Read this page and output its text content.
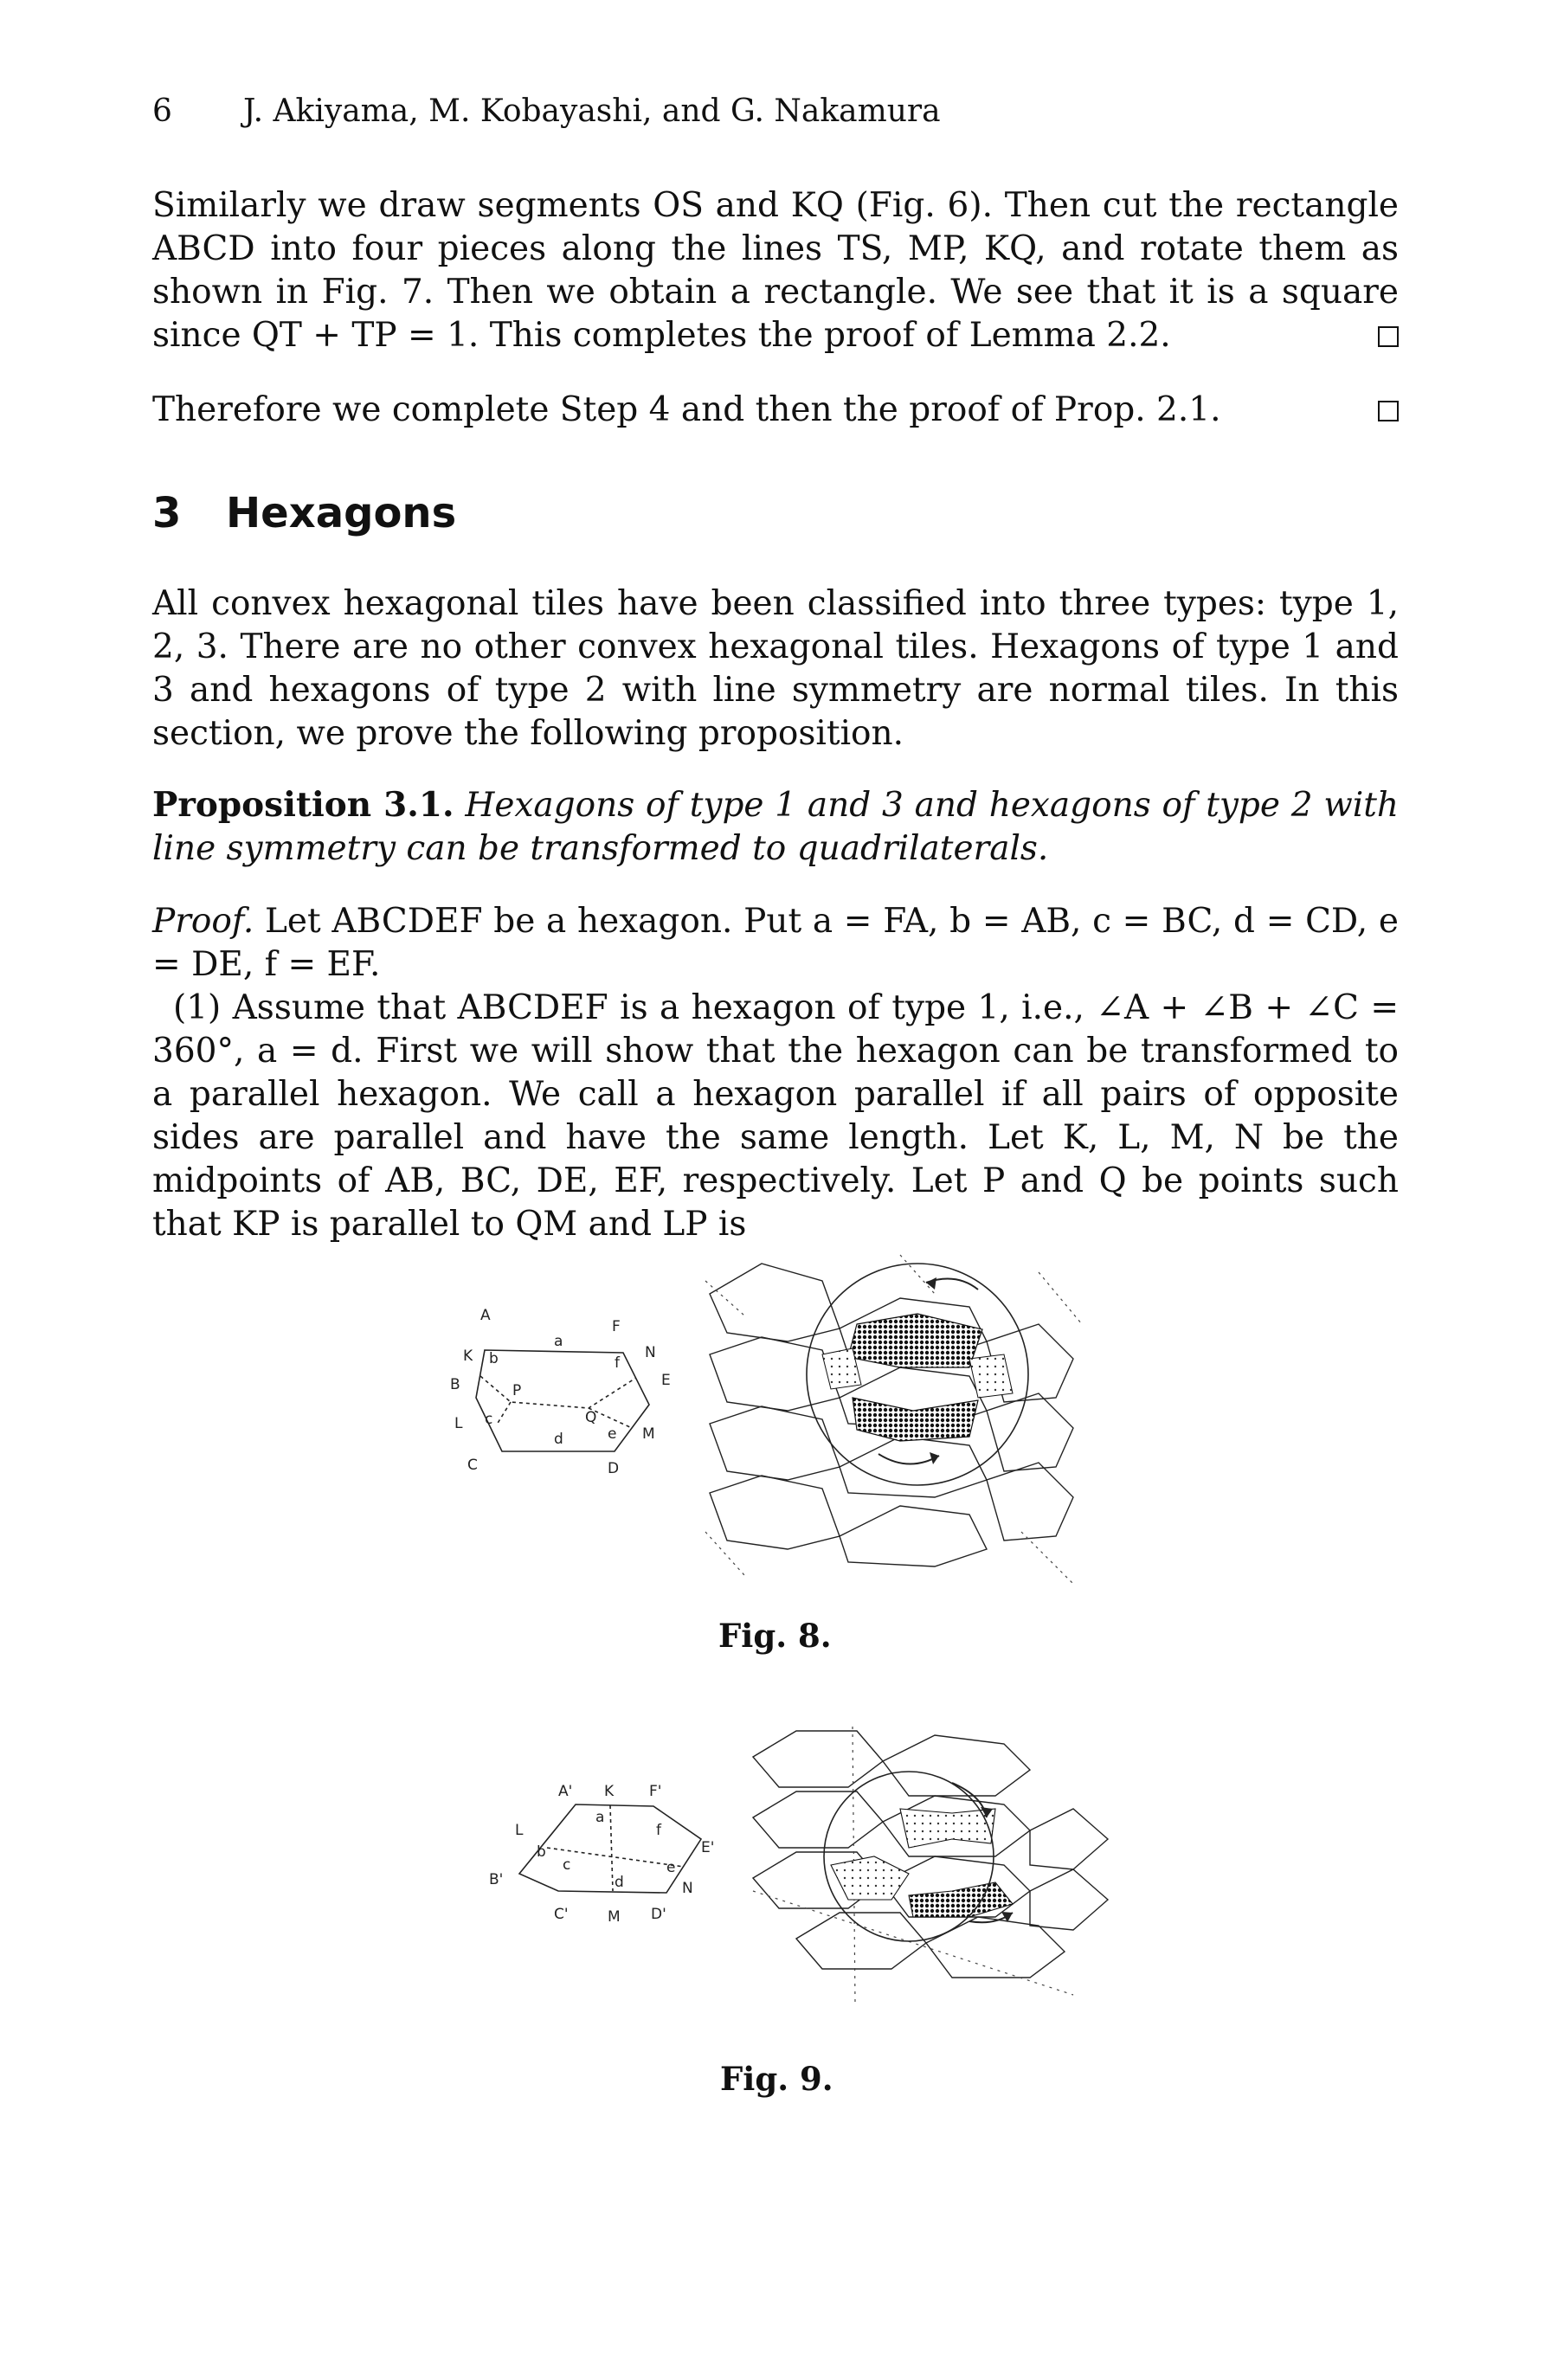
6 J. Akiyama, M. Kobayashi, and G. Nakamura

Similarly we draw segments OS and KQ (Fig. 6). Then cut the rectangle ABCD into four pieces along the lines TS, MP, KQ, and rotate them as shown in Fig. 7. Then we obtain a rectangle. We see that it is a square since QT + TP = 1. This completes the proof of Lemma 2.2.

Therefore we complete Step 4 and then the proof of Prop. 2.1.

3 Hexagons

All convex hexagonal tiles have been classified into three types: type 1, 2, 3. There are no other convex hexagonal tiles. Hexagons of type 1 and 3 and hexagons of type 2 with line symmetry are normal tiles. In this section, we prove the following proposition.

Proposition 3.1. Hexagons of type 1 and 3 and hexagons of type 2 with line symmetry can be transformed to quadrilaterals.

Proof. Let ABCDEF be a hexagon. Put a = FA, b = AB, c = BC, d = CD, e = DE, f = EF.

(1) Assume that ABCDEF is a hexagon of type 1, i.e., ∠A + ∠B + ∠C = 360°, a = d. First we will show that the hexagon can be transformed to a parallel hexagon. We call a hexagon parallel if all pairs of opposite sides are parallel and have the same length. Let K, L, M, N be the midpoints of AB, BC, DE, EF, respectively. Let P and Q be points such that KP is parallel to QM and LP is

A
F
K	N
B	E
L
M
C	D
P
Q
a
b
c
d	e
f
Fig. 8.
A' K F'
L
E'
N
B'
C'	M D'
a
b
c
d
e
f
Fig. 9.
